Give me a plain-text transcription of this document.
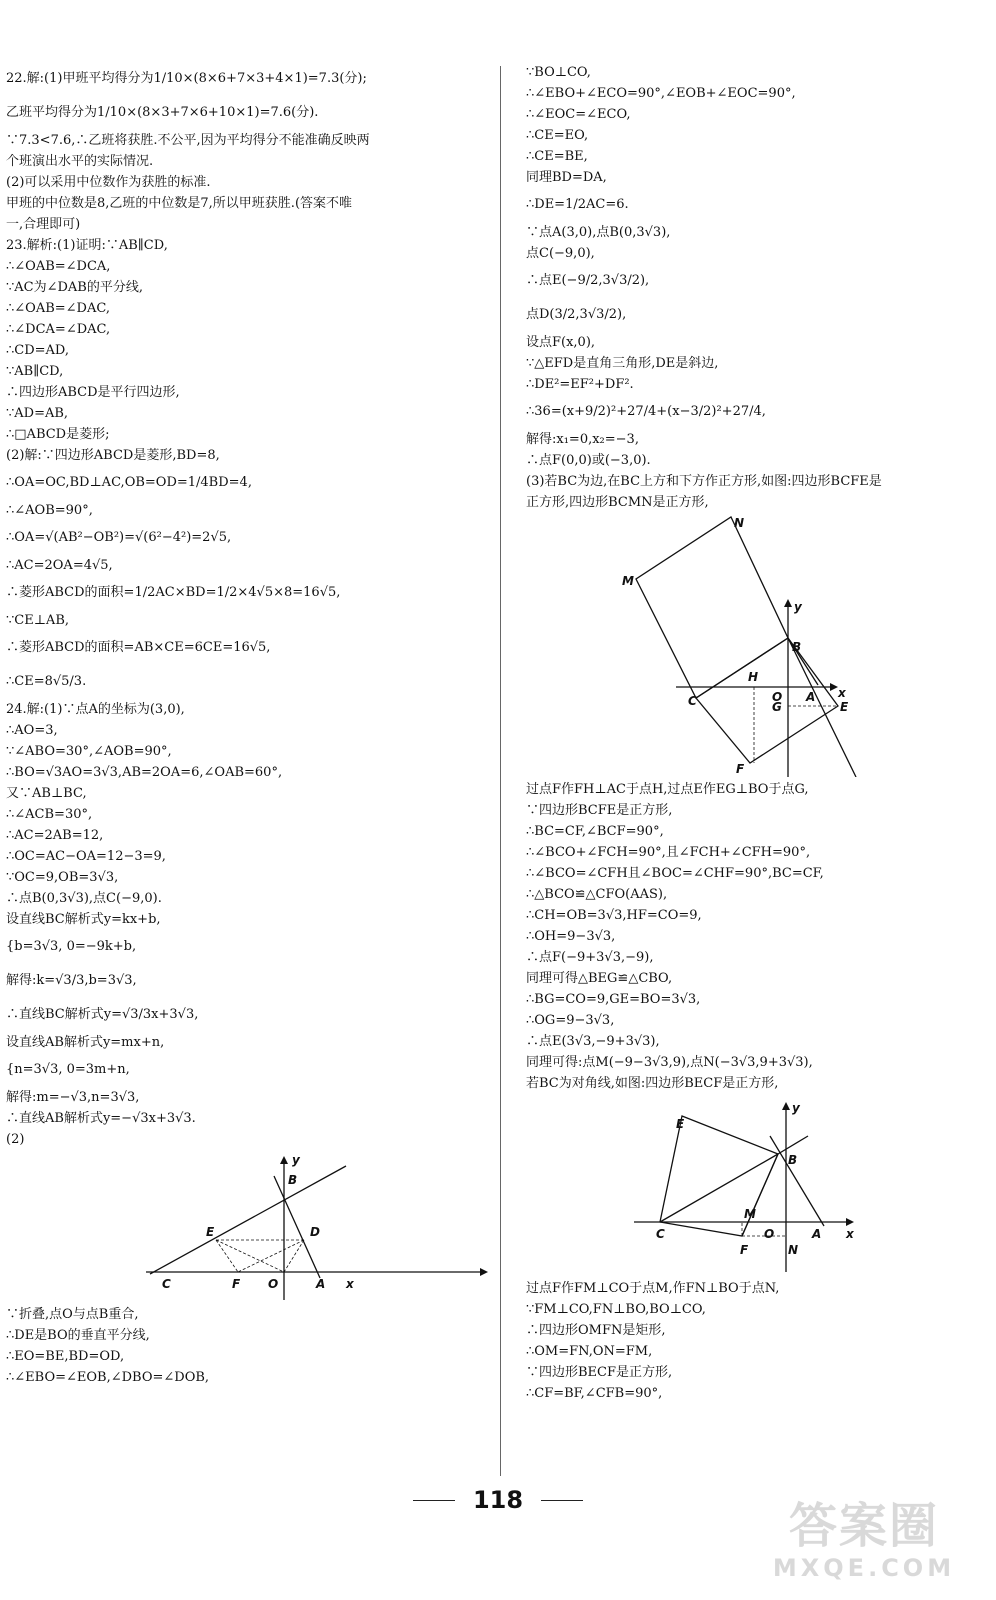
22.解:(1)甲班平均得分为1/10×(8×6+7×3+4×1)=7.3(分);
乙班平均得分为1/10×(8×3+7×6+10×1)=7.6(分).
∵7.3<7.6,∴乙班将获胜.不公平,因为平均得分不能准确反映两
个班演出水平的实际情况.
(2)可以采用中位数作为获胜的标准.
甲班的中位数是8,乙班的中位数是7,所以甲班获胜.(答案不唯
一,合理即可)
23.解析:(1)证明:∵AB∥CD,
∴∠OAB=∠DCA,
∵AC为∠DAB的平分线,
∴∠OAB=∠DAC,
∴∠DCA=∠DAC,
∴CD=AD,
∵AB∥CD,
∴四边形ABCD是平行四边形,
∵AD=AB,
∴□ABCD是菱形;
(2)解:∵四边形ABCD是菱形,BD=8,
∴OA=OC,BD⊥AC,OB=OD=1/4BD=4,
∴∠AOB=90°,
∴OA=√(AB²−OB²)=√(6²−4²)=2√5,
∴AC=2OA=4√5,
∴菱形ABCD的面积=1/2AC×BD=1/2×4√5×8=16√5,
∵CE⊥AB,
∴菱形ABCD的面积=AB×CE=6CE=16√5,
∴CE=8√5/3.
24.解:(1)∵点A的坐标为(3,0),
∴AO=3,
∵∠ABO=30°,∠AOB=90°,
∴BO=√3AO=3√3,AB=2OA=6,∠OAB=60°,
又∵AB⊥BC,
∴∠ACB=30°,
∴AC=2AB=12,
∴OC=AC−OA=12−3=9,
∵OC=9,OB=3√3,
∴点B(0,3√3),点C(−9,0).
设直线BC解析式y=kx+b,
{b=3√3, 0=−9k+b,
解得:k=√3/3,b=3√3,
∴直线BC解析式y=√3/3x+3√3,
设直线AB解析式y=mx+n,
{n=3√3, 0=3m+n,
解得:m=−√3,n=3√3,
∴直线AB解析式y=−√3x+3√3.
(2)
y
B
E	D
C	F O	A x
∵折叠,点O与点B重合,
∴DE是BO的垂直平分线,
∴EO=BE,BD=OD,
∴∠EBO=∠EOB,∠DBO=∠DOB,
∵BO⊥CO,
∴∠EBO+∠ECO=90°,∠EOB+∠EOC=90°,
∴∠EOC=∠ECO,
∴CE=EO,
∴CE=BE,
同理BD=DA,
∴DE=1/2AC=6.
∵点A(3,0),点B(0,3√3),
点C(−9,0),
∴点E(−9/2,3√3/2),
点D(3/2,3√3/2),
设点F(x,0),
∵△EFD是直角三角形,DE是斜边,
∴DE²=EF²+DF².
∴36=(x+9/2)²+27/4+(x−3/2)²+27/4,
解得:x₁=0,x₂=−3,
∴点F(0,0)或(−3,0).
(3)若BC为边,在BC上方和下方作正方形,如图:四边形BCFE是
正方形,四边形BCMN是正方形,
N
M
y
B
H
C	O A x
G	E
F
过点F作FH⊥AC于点H,过点E作EG⊥BO于点G,
∵四边形BCFE是正方形,
∴BC=CF,∠BCF=90°,
∴∠BCO+∠FCH=90°,且∠FCH+∠CFH=90°,
∴∠BCO=∠CFH且∠BOC=∠CHF=90°,BC=CF,
∴△BCO≌△CFO(AAS),
∴CH=OB=3√3,HF=CO=9,
∴OH=9−3√3,
∴点F(−9+3√3,−9),
同理可得△BEG≌△CBO,
∴BG=CO=9,GE=BO=3√3,
∴OG=9−3√3,
∴点E(3√3,−9+3√3),
同理可得:点M(−9−3√3,9),点N(−3√3,9+3√3),
若BC为对角线,如图:四边形BECF是正方形,
y
E
B
M
C	O	A x
F	N
过点F作FM⊥CO于点M,作FN⊥BO于点N,
∵FM⊥CO,FN⊥BO,BO⊥CO,
∴四边形OMFN是矩形,
∴OM=FN,ON=FM,
∵四边形BECF是正方形,
∴CF=BF,∠CFB=90°,
118	答案圈
MXQE.COM
